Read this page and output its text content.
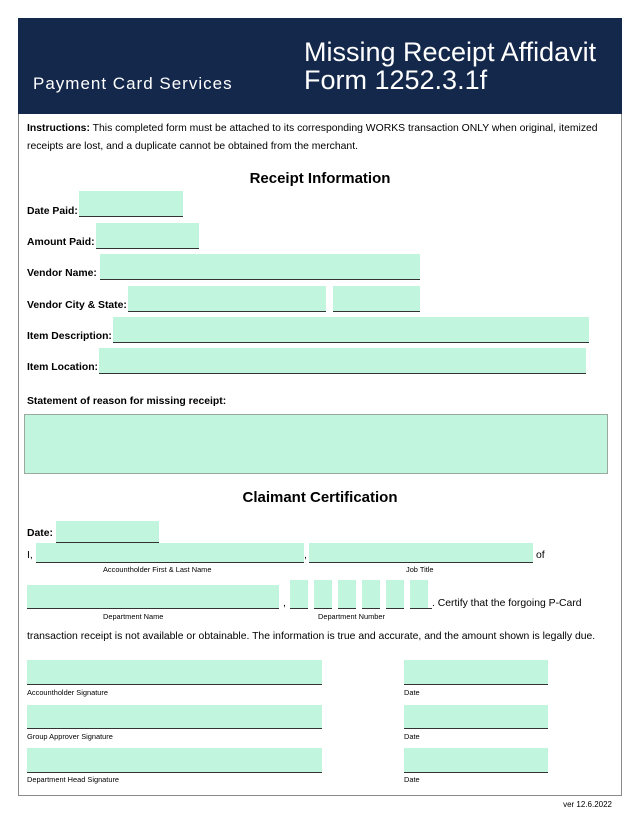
Payment Card Services
Missing Receipt Affidavit
Form 1252.3.1f
Instructions: This completed form must be attached to its corresponding WORKS transaction ONLY when original, itemized receipts are lost, and a duplicate cannot be obtained from the merchant.
Receipt Information
Date Paid:
Amount Paid:
Vendor Name:
Vendor City & State:
Item Description:
Item Location:
Statement of reason for missing receipt:
Claimant Certification
Date:
I,	,	of
Accountholder First & Last Name	Job Title
,	. Certify that the forgoing P-Card
Department Name	Department Number
transaction receipt is not available or obtainable. The information is true and accurate, and the amount shown is legally due.
Accountholder Signature	Date
Group Approver Signature	Date
Department Head Signature	Date
ver 12.6.2022
